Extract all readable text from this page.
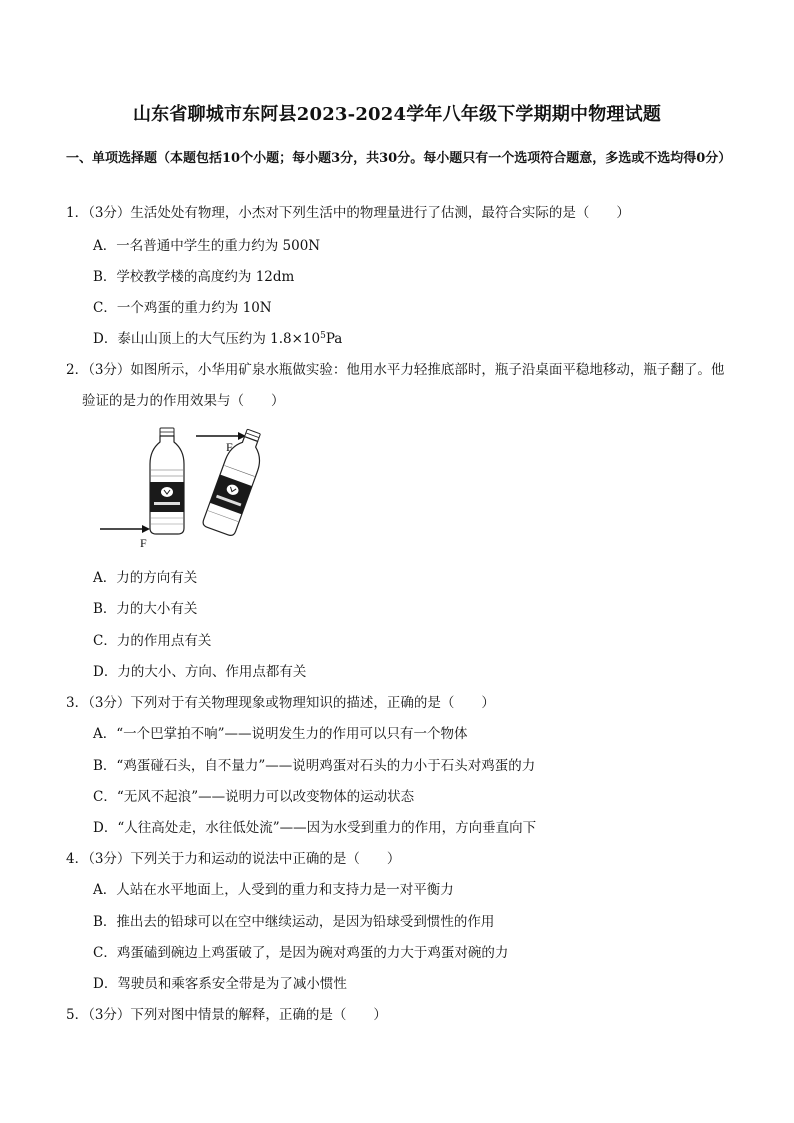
山东省聊城市东阿县2023-2024学年八年级下学期期中物理试题
一、单项选择题（本题包括10个小题；每小题3分，共30分。每小题只有一个选项符合题意，多选或不选均得0分）
1．（3分）生活处处有物理，小杰对下列生活中的物理量进行了估测，最符合实际的是（　　）
A．一名普通中学生的重力约为 500N
B．学校教学楼的高度约为 12dm
C．一个鸡蛋的重力约为 10N
D．泰山山顶上的大气压约为 $1.8\times 10^5Pa$
2．（3分）如图所示，小华用矿泉水瓶做实验：他用水平力轻推底部时，瓶子沿桌面平稳地移动，瓶子翻了。他验证的是力的作用效果与（　　）
F
F
A．力的方向有关
B．力的大小有关
C．力的作用点有关
D．力的大小、方向、作用点都有关
3．（3分）下列对于有关物理现象或物理知识的描述，正确的是（　　）
A．“一个巴掌拍不响”——说明发生力的作用可以只有一个物体
B．“鸡蛋碰石头，自不量力”——说明鸡蛋对石头的力小于石头对鸡蛋的力
C．“无风不起浪”——说明力可以改变物体的运动状态
D．“人往高处走，水往低处流”——因为水受到重力的作用，方向垂直向下
4．（3分）下列关于力和运动的说法中正确的是（　　）
A．人站在水平地面上，人受到的重力和支持力是一对平衡力
B．推出去的铅球可以在空中继续运动，是因为铅球受到惯性的作用
C．鸡蛋磕到碗边上鸡蛋破了，是因为碗对鸡蛋的力大于鸡蛋对碗的力
D．驾驶员和乘客系安全带是为了减小惯性
5．（3分）下列对图中情景的解释，正确的是（　　）
